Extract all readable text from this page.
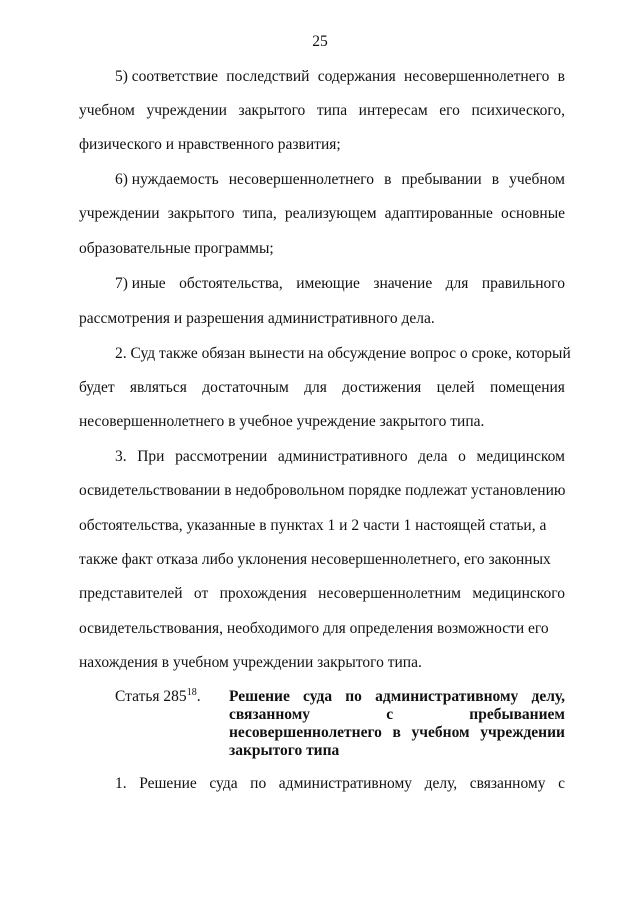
25
5) соответствие последствий содержания несовершеннолетнего в
учебном учреждении закрытого типа интересам его психического,
физического и нравственного развития;
6) нуждаемость несовершеннолетнего в пребывании в учебном
учреждении закрытого типа, реализующем адаптированные основные
образовательные программы;
7) иные обстоятельства, имеющие значение для правильного
рассмотрения и разрешения административного дела.
2. Суд также обязан вынести на обсуждение вопрос о сроке, который
будет являться достаточным для достижения целей помещения
несовершеннолетнего в учебное учреждение закрытого типа.
3. При рассмотрении административного дела о медицинском
освидетельствовании в недобровольном порядке подлежат установлению
обстоятельства, указанные в пунктах 1 и 2 части 1 настоящей статьи, а
также факт отказа либо уклонения несовершеннолетнего, его законных
представителей от прохождения несовершеннолетним медицинского
освидетельствования, необходимого для определения возможности его
нахождения в учебном учреждении закрытого типа.
Статья $285^{18}$. Решение суда по административному делу,
связанному	с	пребыванием
несовершеннолетнего в учебном учреждении
закрытого типа
1. Решение суда по административному делу, связанному с
